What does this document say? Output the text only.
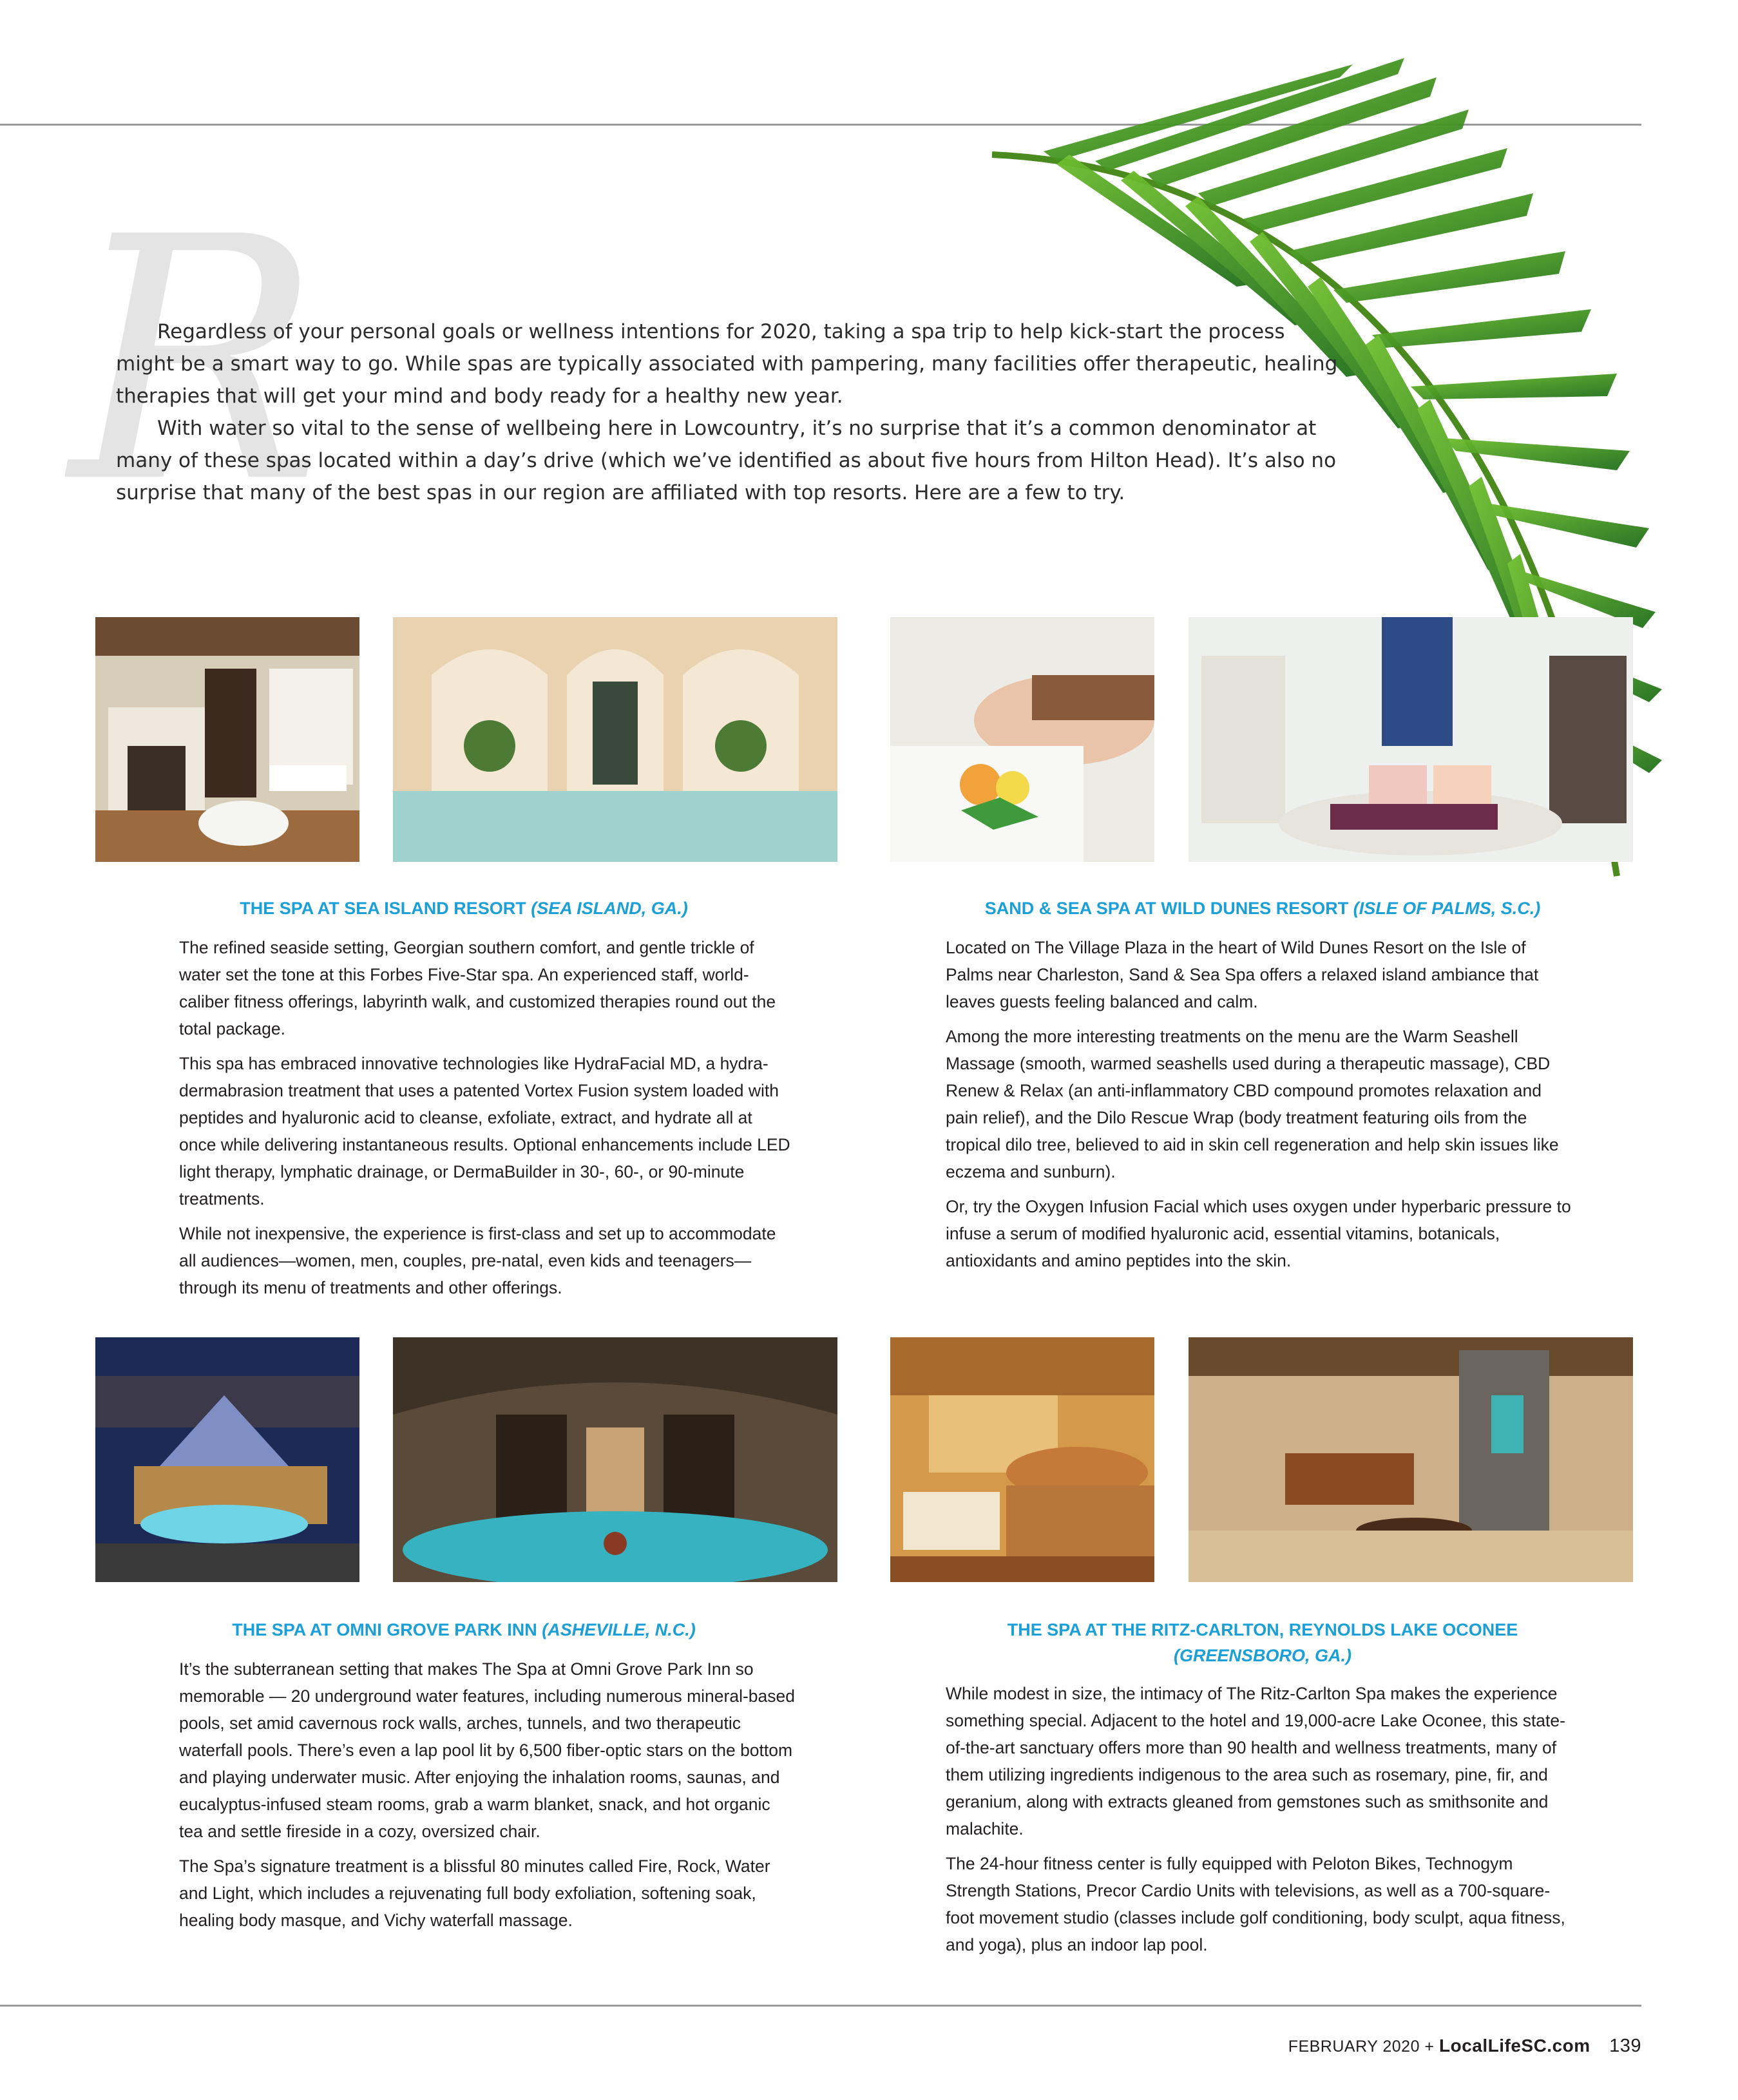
R

Regardless of your personal goals or wellness intentions for 2020, taking a spa trip to help kick-start the process might be a smart way to go. While spas are typically associated with pampering, many facilities offer therapeutic, healing therapies that will get your mind and body ready for a healthy new year.

With water so vital to the sense of wellbeing here in Lowcountry, it’s no surprise that it’s a common denominator at many of these spas located within a day’s drive (which we’ve identified as about five hours from Hilton Head). It’s also no surprise that many of the best spas in our region are affiliated with top resorts. Here are a few to try.

THE SPA AT SEA ISLAND RESORT (SEA ISLAND, GA.)

The refined seaside setting, Georgian southern comfort, and gentle trickle of water set the tone at this Forbes Five-Star spa. An experienced staff, world-caliber fitness offerings, labyrinth walk, and customized therapies round out the total package.

This spa has embraced innovative technologies like HydraFacial MD, a hydra-dermabrasion treatment that uses a patented Vortex Fusion system loaded with peptides and hyaluronic acid to cleanse, exfoliate, extract, and hydrate all at once while delivering instantaneous results. Optional enhancements include LED light therapy, lymphatic drainage, or DermaBuilder in 30-, 60-, or 90-minute treatments.

While not inexpensive, the experience is first-class and set up to accommodate all audiences—women, men, couples, pre-natal, even kids and teenagers—through its menu of treatments and other offerings.

SAND & SEA SPA AT WILD DUNES RESORT (ISLE OF PALMS, S.C.)

Located on The Village Plaza in the heart of Wild Dunes Resort on the Isle of Palms near Charleston, Sand & Sea Spa offers a relaxed island ambiance that leaves guests feeling balanced and calm.

Among the more interesting treatments on the menu are the Warm Seashell Massage (smooth, warmed seashells used during a therapeutic massage), CBD Renew & Relax (an anti-inflammatory CBD compound promotes relaxation and pain relief), and the Dilo Rescue Wrap (body treatment featuring oils from the tropical dilo tree, believed to aid in skin cell regeneration and help skin issues like eczema and sunburn).

Or, try the Oxygen Infusion Facial which uses oxygen under hyperbaric pressure to infuse a serum of modified hyaluronic acid, essential vitamins, botanicals, antioxidants and amino peptides into the skin.

THE SPA AT OMNI GROVE PARK INN (ASHEVILLE, N.C.)

It’s the subterranean setting that makes The Spa at Omni Grove Park Inn so memorable — 20 underground water features, including numerous mineral-based pools, set amid cavernous rock walls, arches, tunnels, and two therapeutic waterfall pools. There’s even a lap pool lit by 6,500 fiber-optic stars on the bottom and playing underwater music. After enjoying the inhalation rooms, saunas, and eucalyptus-infused steam rooms, grab a warm blanket, snack, and hot organic tea and settle fireside in a cozy, oversized chair.

The Spa’s signature treatment is a blissful 80 minutes called Fire, Rock, Water and Light, which includes a rejuvenating full body exfoliation, softening soak, healing body masque, and Vichy waterfall massage.

THE SPA AT THE RITZ-CARLTON, REYNOLDS LAKE OCONEE
(GREENSBORO, GA.)

While modest in size, the intimacy of The Ritz-Carlton Spa makes the experience something special. Adjacent to the hotel and 19,000-acre Lake Oconee, this state-of-the-art sanctuary offers more than 90 health and wellness treatments, many of them utilizing ingredients indigenous to the area such as rosemary, pine, fir, and geranium, along with extracts gleaned from gemstones such as smithsonite and malachite.

The 24-hour fitness center is fully equipped with Peloton Bikes, Technogym Strength Stations, Precor Cardio Units with televisions, as well as a 700-square-foot movement studio (classes include golf conditioning, body sculpt, aqua fitness, and yoga), plus an indoor lap pool.

FEBRUARY 2020 + LocalLifeSC.com 139
